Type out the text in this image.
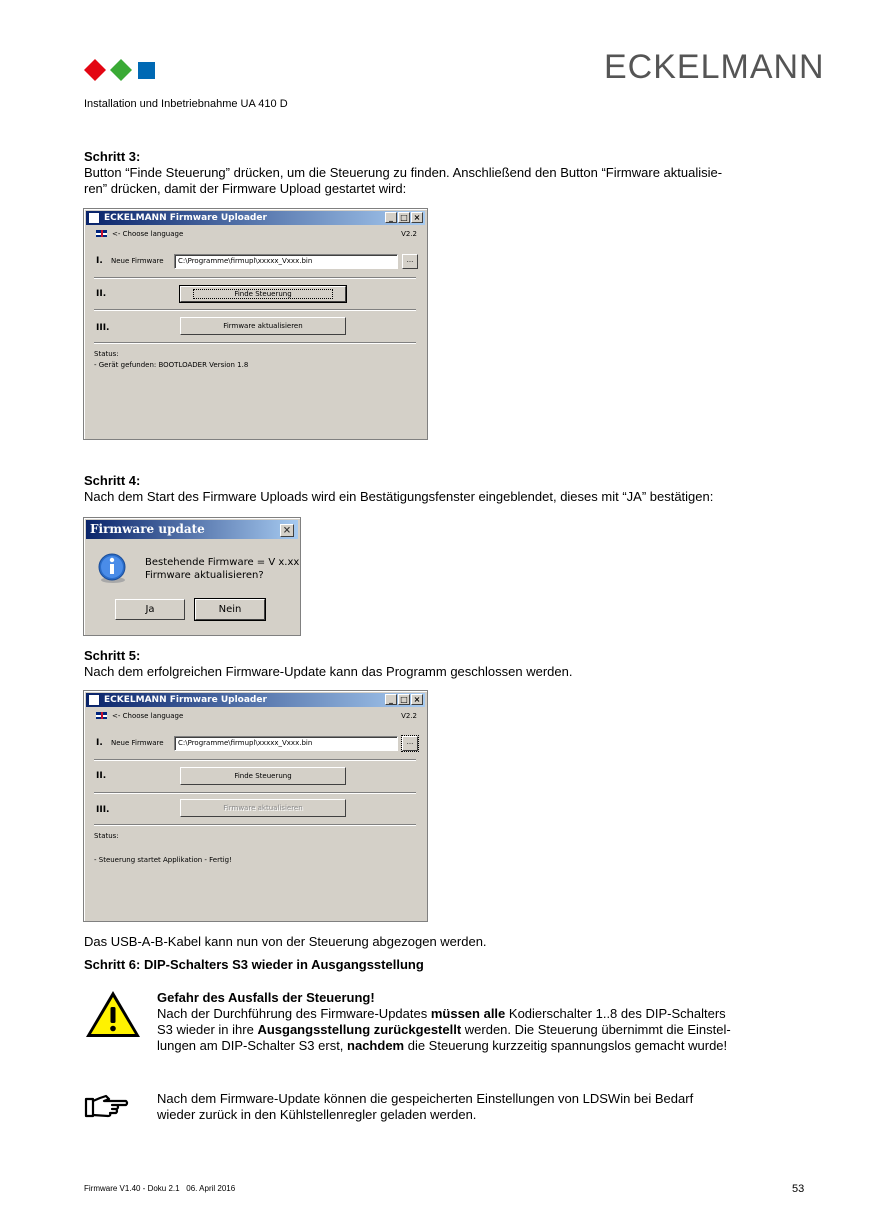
ECKELMANN
Installation und Inbetriebnahme UA 410 D
Schritt 3:
Button “Finde Steuerung” drücken, um die Steuerung zu finden. Anschließend den Button “Firmware aktualisie-
ren” drücken, damit der Firmware Upload gestartet wird:
ECKELMANN Firmware Uploader	_ □ ×
<- Choose language	V2.2
I. Neue Firmware	C:\Programme\firmupl\xxxxx_Vxxx.bin	...
II.	Finde Steuerung
III.	Firmware aktualisieren
Status:
- Gerät gefunden: BOOTLOADER Version 1.8
Schritt 4:
Nach dem Start des Firmware Uploads wird ein Bestätigungsfenster eingeblendet, dieses mit “JA” bestätigen:
Firmware update	×
Bestehende Firmware = V x.xx
Firmware aktualisieren?
Ja	Nein
Schritt 5:
Nach dem erfolgreichen Firmware-Update kann das Programm geschlossen werden.
ECKELMANN Firmware Uploader	_ □ ×
<- Choose language	V2.2
I. Neue Firmware	C:\Programme\firmupl\xxxxx_Vxxx.bin	...
II.	Finde Steuerung
III.	Firmware aktualisieren
Status:
- Steuerung startet Applikation - Fertig!
Das USB-A-B-Kabel kann nun von der Steuerung abgezogen werden.
Schritt 6: DIP-Schalters S3 wieder in Ausgangsstellung
Gefahr des Ausfalls der Steuerung!
Nach der Durchführung des Firmware-Updates müssen alle Kodierschalter 1..8 des DIP-Schalters
S3 wieder in ihre Ausgangsstellung zurückgestellt werden. Die Steuerung übernimmt die Einstel-
lungen am DIP-Schalter S3 erst, nachdem die Steuerung kurzzeitig spannungslos gemacht wurde!
Nach dem Firmware-Update können die gespeicherten Einstellungen von LDSWin bei Bedarf
wieder zurück in den Kühlstellenregler geladen werden.
Firmware V1.40 - Doku 2.1   06. April 2016	53
